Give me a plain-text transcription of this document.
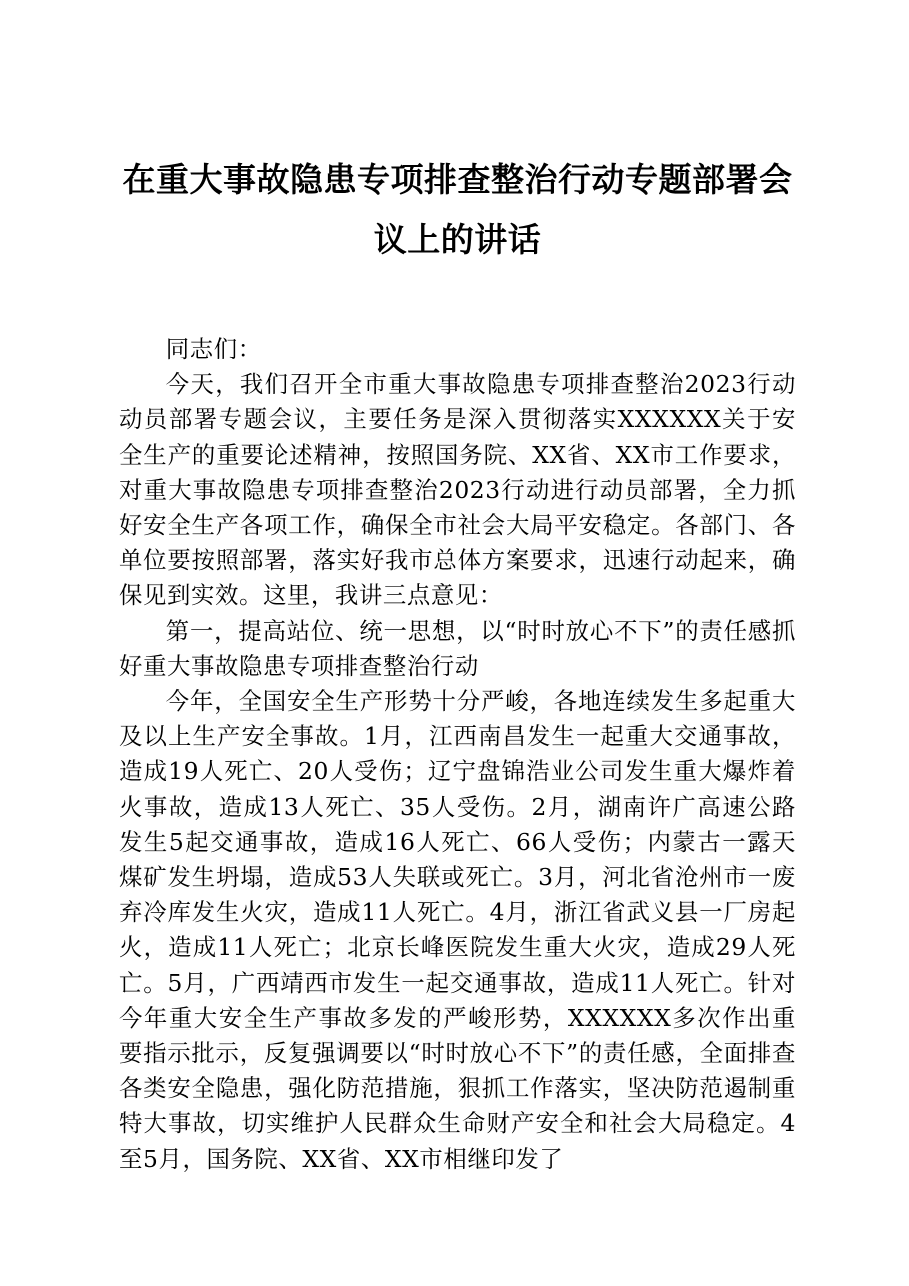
在重大事故隐患专项排查整治行动专题部署会
议上的讲话

同志们：

今天，我们召开全市重大事故隐患专项排查整治2023行动动员部署专题会议，主要任务是深入贯彻落实XXXXXX关于安全生产的重要论述精神，按照国务院、XX省、XX市工作要求，对重大事故隐患专项排查整治2023行动进行动员部署，全力抓好安全生产各项工作，确保全市社会大局平安稳定。各部门、各单位要按照部署，落实好我市总体方案要求，迅速行动起来，确保见到实效。这里，我讲三点意见：

第一，提高站位、统一思想，以“时时放心不下”的责任感抓好重大事故隐患专项排查整治行动

今年，全国安全生产形势十分严峻，各地连续发生多起重大及以上生产安全事故。1月，江西南昌发生一起重大交通事故，造成19人死亡、20人受伤；辽宁盘锦浩业公司发生重大爆炸着火事故，造成13人死亡、35人受伤。2月，湖南许广高速公路发生5起交通事故，造成16人死亡、66人受伤；内蒙古一露天煤矿发生坍塌，造成53人失联或死亡。3月，河北省沧州市一废弃冷库发生火灾，造成11人死亡。4月，浙江省武义县一厂房起火，造成11人死亡；北京长峰医院发生重大火灾，造成29人死亡。5月，广西靖西市发生一起交通事故，造成11人死亡。针对今年重大安全生产事故多发的严峻形势，XXXXXX多次作出重要指示批示，反复强调要以“时时放心不下”的责任感，全面排查各类安全隐患，强化防范措施，狠抓工作落实，坚决防范遏制重特大事故，切实维护人民群众生命财产安全和社会大局稳定。4至5月，国务院、XX省、XX市相继印发了
